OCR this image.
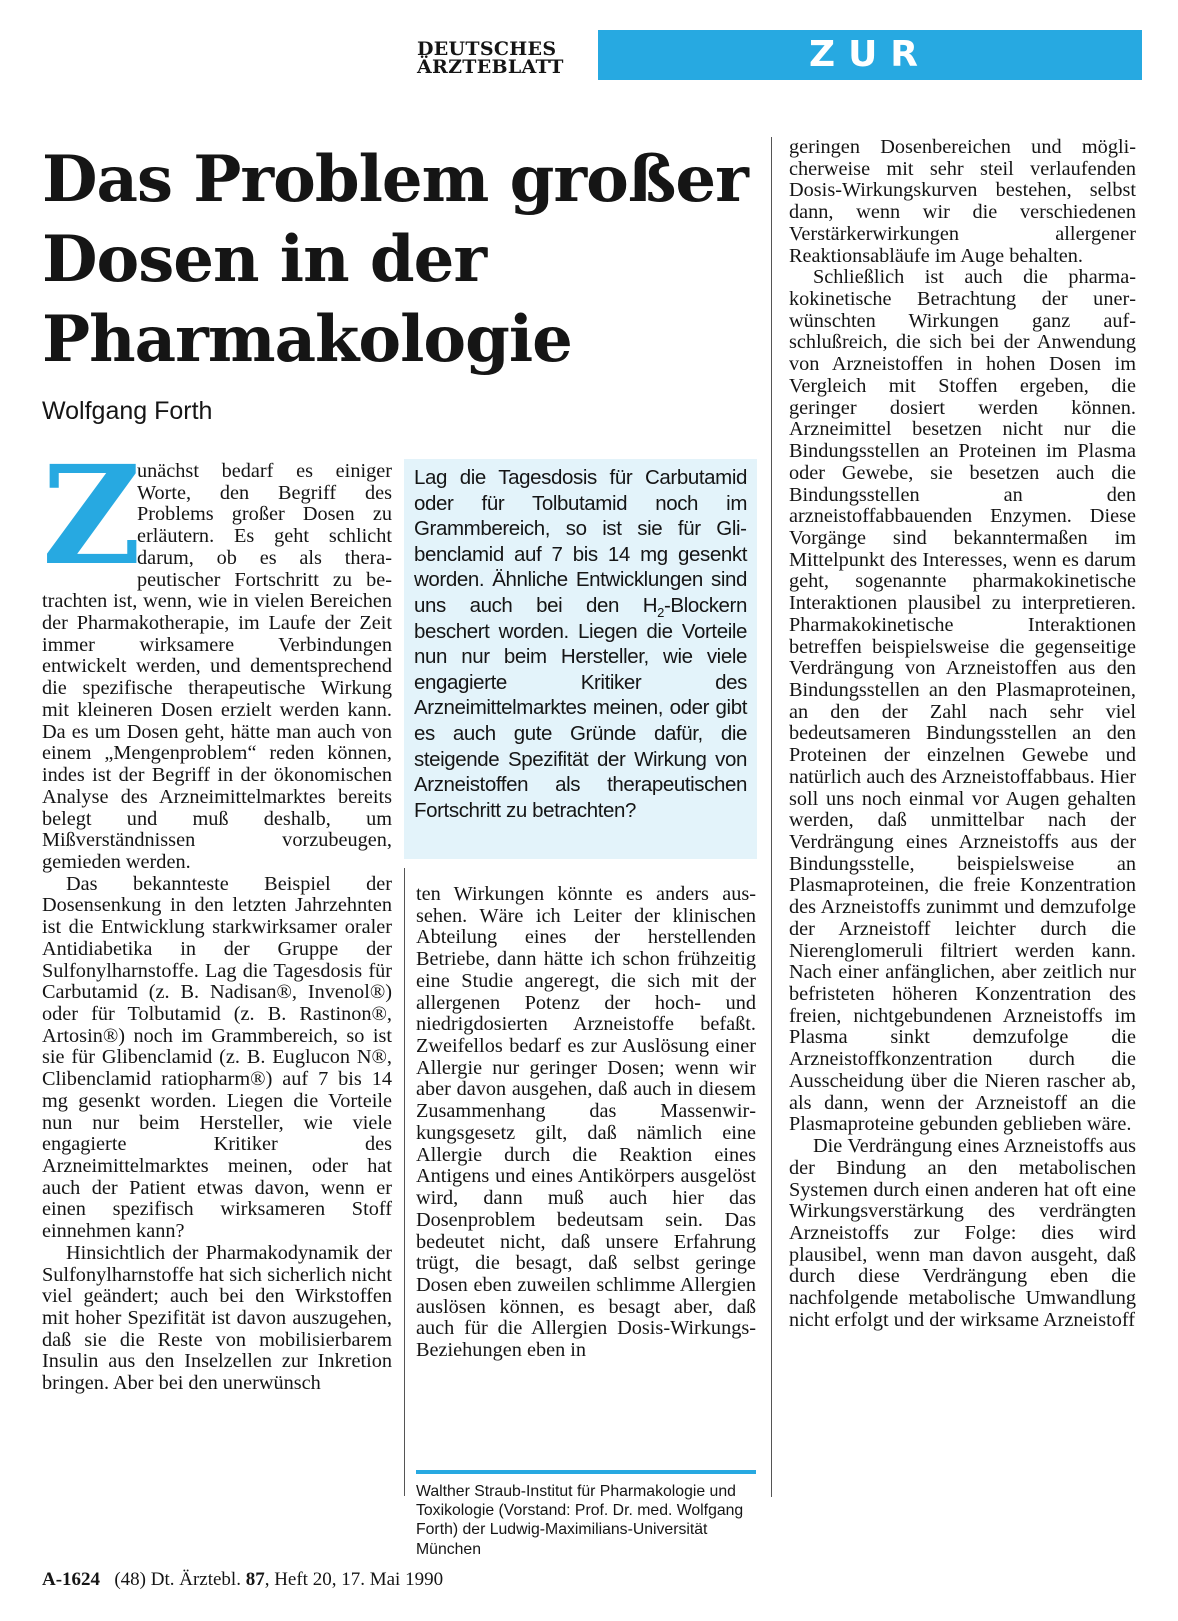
DEUTSCHES
ÄRZTEBLATT	ZUR FORTBILDUNG
Das Problem großer Dosen in der Pharmakologie
Wolfgang Forth
Z

unächst bedarf es einiger Worte, den Begriff des Problems großer Dosen zu erläutern. Es geht schlicht darum, ob es als therapeutischer Fortschritt zu betrachten ist, wenn, wie in vielen Bereichen der Pharmakotherapie, im Laufe der Zeit immer wirksamere Verbindungen entwickelt werden, und dementsprechend die spezifische therapeutische Wirkung mit kleineren Dosen erzielt werden kann. Da es um Dosen geht, hätte man auch von einem „Mengenproblem“ reden können, indes ist der Begriff in der ökonomischen Analyse des Arzneimittelmarktes bereits belegt und muß deshalb, um Mißverständnissen vorzubeugen, gemieden werden.

Das bekannteste Beispiel der Dosensenkung in den letzten Jahrzehnten ist die Entwicklung starkwirksamer oraler Antidiabetika in der Gruppe der Sulfonylharnstoffe. Lag die Tagesdosis für Carbutamid (z. B. Nadisan®, Invenol®) oder für Tolbutamid (z. B. Rastinon®, Artosin®) noch im Grammbereich, so ist sie für Glibenclamid (z. B. Euglucon N®, Clibenclamid ratiopharm®) auf 7 bis 14 mg gesenkt worden. Liegen die Vorteile nun nur beim Hersteller, wie viele engagierte Kritiker des Arzneimittelmarktes meinen, oder hat auch der Patient etwas davon, wenn er einen spezifisch wirksameren Stoff einnehmen kann?

Hinsichtlich der Pharmakodynamik der Sulfonylharnstoffe hat sich sicherlich nicht viel geändert; auch bei den Wirkstoffen mit hoher Spezifität ist davon auszugehen, daß sie die Reste von mobilisierbarem Insulin aus den Inselzellen zur Inkretion bringen. Aber bei den unerwünsch

Lag die Tagesdosis für Carbutamid oder für Tolbutamid noch im Grammbereich, so ist sie für Glibenclamid auf 7 bis 14 mg gesenkt worden. Ähnliche Entwicklungen sind uns auch bei den $H_2$-Blockern beschert worden. Liegen die Vorteile nun nur beim Hersteller, wie viele engagierte Kritiker des Arzneimittelmarktes meinen, oder gibt es auch gute Gründe dafür, die steigende Spezifität der Wirkung von Arzneistoffen als therapeutischen Fortschritt zu betrachten?

ten Wirkungen könnte es anders aussehen. Wäre ich Leiter der klinischen Abteilung eines der herstellenden Betriebe, dann hätte ich schon frühzeitig eine Studie angeregt, die sich mit der allergenen Potenz der hoch- und niedrigdosierten Arzneistoffe befaßt. Zweifellos bedarf es zur Auslösung einer Allergie nur geringer Dosen; wenn wir aber davon ausgehen, daß auch in diesem Zusammenhang das Massenwirkungsgesetz gilt, daß nämlich eine Allergie durch die Reaktion eines Antigens und eines Antikörpers ausgelöst wird, dann muß auch hier das Dosenproblem bedeutsam sein. Das bedeutet nicht, daß unsere Erfahrung trügt, die besagt, daß selbst geringe Dosen eben zuweilen schlimme Allergien auslösen können, es besagt aber, daß auch für die Allergien Dosis-Wirkungs-Beziehungen eben in

Walther Straub-Institut für Pharmakologie und Toxikologie (Vorstand: Prof. Dr. med. Wolfgang Forth) der Ludwig-Maximilians-Universität München

geringen Dosenbereichen und möglicherweise mit sehr steil verlaufenden Dosis-Wirkungskurven bestehen, selbst dann, wenn wir die verschiedenen Verstärkerwirkungen allergener Reaktionsabläufe im Auge behalten.

Schließlich ist auch die pharmakokinetische Betrachtung der unerwünschten Wirkungen ganz aufschlußreich, die sich bei der Anwendung von Arzneistoffen in hohen Dosen im Vergleich mit Stoffen ergeben, die geringer dosiert werden können. Arzneimittel besetzen nicht nur die Bindungsstellen an Proteinen im Plasma oder Gewebe, sie besetzen auch die Bindungsstellen an den arzneistoffabbauenden Enzymen. Diese Vorgänge sind bekanntermaßen im Mittelpunkt des Interesses, wenn es darum geht, sogenannte pharmakokinetische Interaktionen plausibel zu interpretieren. Pharmakokinetische Interaktionen betreffen beispielsweise die gegenseitige Verdrängung von Arzneistoffen aus den Bindungsstellen an den Plasmaproteinen, an den der Zahl nach sehr viel bedeutsameren Bindungsstellen an den Proteinen der einzelnen Gewebe und natürlich auch des Arzneistoffabbaus. Hier soll uns noch einmal vor Augen gehalten werden, daß unmittelbar nach der Verdrängung eines Arzneistoffs aus der Bindungsstelle, beispielsweise an Plasmaproteinen, die freie Konzentration des Arzneistoffs zunimmt und demzufolge der Arzneistoff leichter durch die Nierenglomeruli filtriert werden kann. Nach einer anfänglichen, aber zeitlich nur befristeten höheren Konzentration des freien, nichtgebundenen Arzneistoffs im Plasma sinkt demzufolge die Arzneistoffkonzentration durch die Ausscheidung über die Nieren rascher ab, als dann, wenn der Arzneistoff an die Plasmaproteine gebunden geblieben wäre.

Die Verdrängung eines Arzneistoffs aus der Bindung an den metabolischen Systemen durch einen anderen hat oft eine Wirkungsverstärkung des verdrängten Arzneistoffs zur Folge: dies wird plausibel, wenn man davon ausgeht, daß durch diese Verdrängung eben die nachfolgende metabolische Umwandlung nicht erfolgt und der wirksame Arzneistoff

A-1624 (48) Dt. Ärztebl. 87, Heft 20, 17. Mai 1990
